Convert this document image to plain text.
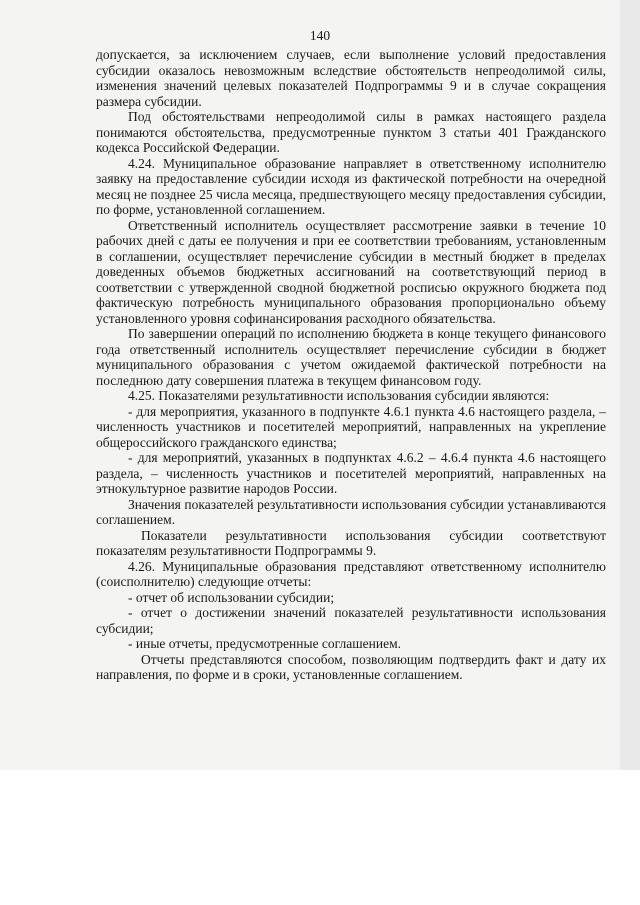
140

допускается, за исключением случаев, если выполнение условий предоставления субсидии оказалось невозможным вследствие обстоятельств непреодолимой силы, изменения значений целевых показателей Подпрограммы 9 и в случае сокращения размера субсидии.

Под обстоятельствами непреодолимой силы в рамках настоящего раздела понимаются обстоятельства, предусмотренные пунктом 3 статьи 401 Гражданского кодекса Российской Федерации.

4.24. Муниципальное образование направляет в ответственному исполнителю заявку на предоставление субсидии исходя из фактической потребности на очередной месяц не позднее 25 числа месяца, предшествующего месяцу предоставления субсидии, по форме, установленной соглашением.

Ответственный исполнитель осуществляет рассмотрение заявки в течение 10 рабочих дней с даты ее получения и при ее соответствии требованиям, установленным в соглашении, осуществляет перечисление субсидии в местный бюджет в пределах доведенных объемов бюджетных ассигнований на соответствующий период в соответствии с утвержденной сводной бюджетной росписью окружного бюджета под фактическую потребность муниципального образования пропорционально объему установленного уровня софинансирования расходного обязательства.

По завершении операций по исполнению бюджета в конце текущего финансового года ответственный исполнитель осуществляет перечисление субсидии в бюджет муниципального образования с учетом ожидаемой фактической потребности на последнюю дату совершения платежа в текущем финансовом году.

4.25. Показателями результативности использования субсидии являются:

- для мероприятия, указанного в подпункте 4.6.1 пункта 4.6 настоящего раздела, – численность участников и посетителей мероприятий, направленных на укрепление общероссийского гражданского единства;

- для мероприятий, указанных в подпунктах 4.6.2 – 4.6.4 пункта 4.6 настоящего раздела, – численность участников и посетителей мероприятий, направленных на этнокультурное развитие народов России.

Значения показателей результативности использования субсидии устанавливаются соглашением.

Показатели результативности использования субсидии соответствуют показателям результативности Подпрограммы 9.

4.26. Муниципальные образования представляют ответственному исполнителю (соисполнителю) следующие отчеты:

- отчет об использовании субсидии;

- отчет о достижении значений показателей результативности использования субсидии;

- иные отчеты, предусмотренные соглашением.

Отчеты представляются способом, позволяющим подтвердить факт и дату их направления, по форме и в сроки, установленные соглашением.
